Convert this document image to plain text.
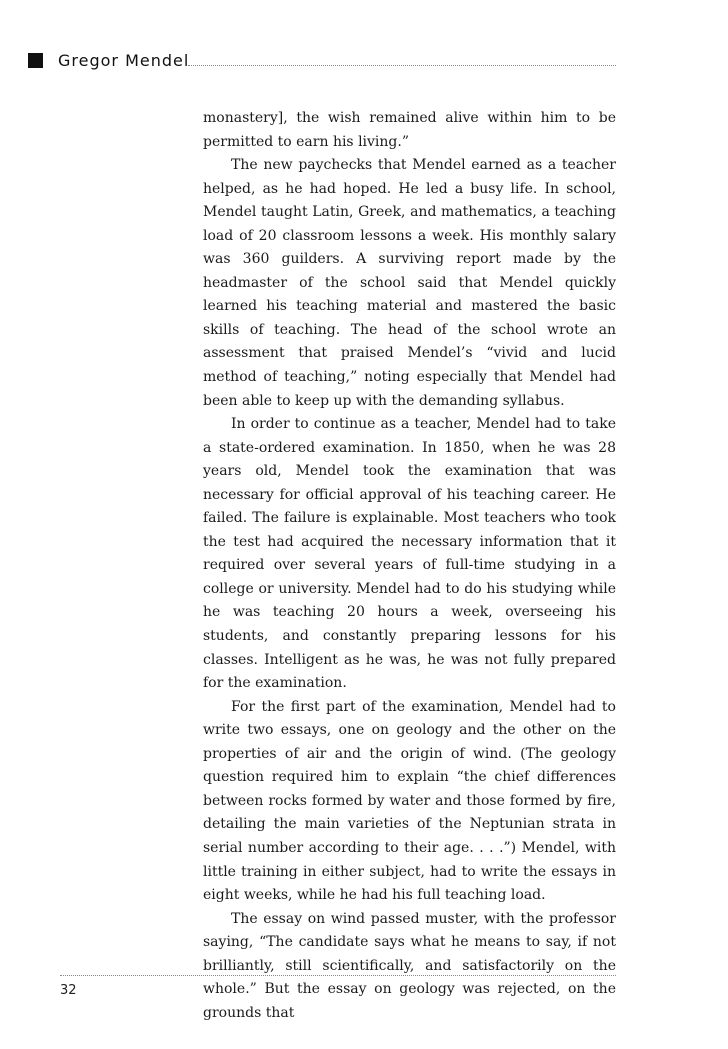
Gregor Mendel

monastery], the wish remained alive within him to be permitted to earn his living.”

The new paychecks that Mendel earned as a teacher helped, as he had hoped. He led a busy life. In school, Mendel taught Latin, Greek, and mathematics, a teaching load of 20 classroom lessons a week. His monthly salary was 360 guilders. A surviving report made by the headmaster of the school said that Mendel quickly learned his teaching material and mastered the basic skills of teaching. The head of the school wrote an assessment that praised Mendel’s “vivid and lucid method of teaching,” noting especially that Mendel had been able to keep up with the demanding syllabus.

In order to continue as a teacher, Mendel had to take a state-ordered examination. In 1850, when he was 28 years old, Mendel took the examination that was necessary for official approval of his teaching career. He failed. The failure is explainable. Most teachers who took the test had acquired the necessary information that it required over several years of full-time studying in a college or university. Mendel had to do his studying while he was teaching 20 hours a week, overseeing his students, and constantly preparing lessons for his classes. Intelligent as he was, he was not fully prepared for the examination.

For the first part of the examination, Mendel had to write two essays, one on geology and the other on the properties of air and the origin of wind. (The geology question required him to explain “the chief differences between rocks formed by water and those formed by fire, detailing the main varieties of the Neptunian strata in serial number according to their age. . . .”) Mendel, with little training in either subject, had to write the essays in eight weeks, while he had his full teaching load.

The essay on wind passed muster, with the professor saying, “The candidate says what he means to say, if not brilliantly, still scientifically, and satisfactorily on the whole.” But the essay on geology was rejected, on the grounds that

32
